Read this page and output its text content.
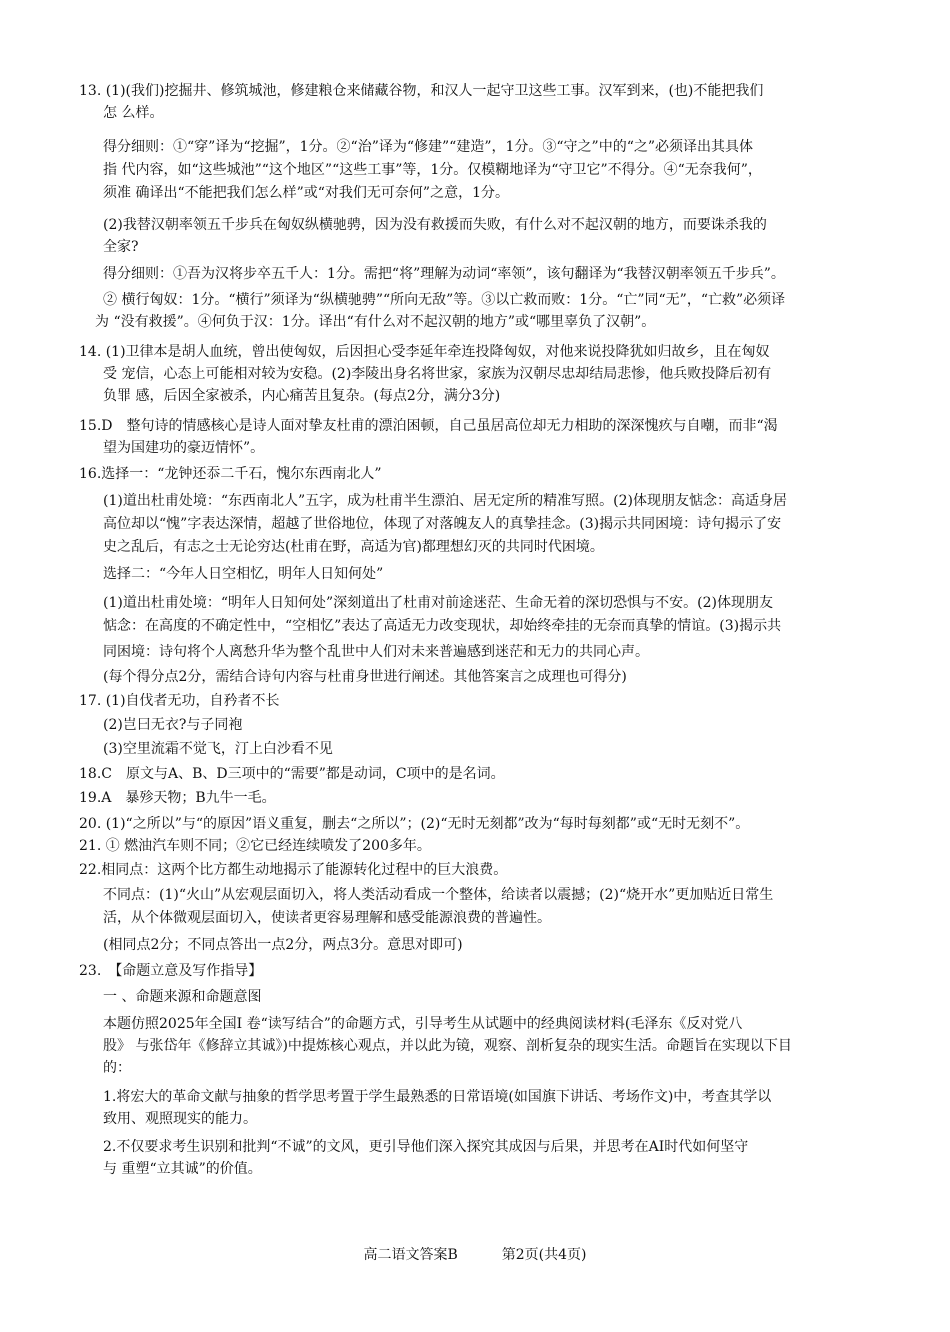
13. (1)(我们)挖掘井、修筑城池，修建粮仓来储藏谷物，和汉人一起守卫这些工事。汉军到来，(也)不能把我们
怎 么样。
得分细则：①“穿”译为“挖掘”，1分。②“治”译为“修建”“建造”，1分。③“守之”中的“之”必须译出其具体
指 代内容，如“这些城池”“这个地区”“这些工事”等，1分。仅模糊地译为“守卫它”不得分。④“无奈我何”，
须准 确译出“不能把我们怎么样”或“对我们无可奈何”之意，1分。
(2)我替汉朝率领五千步兵在匈奴纵横驰骋，因为没有救援而失败，有什么对不起汉朝的地方，而要诛杀我的
全家?
得分细则：①吾为汉将步卒五千人：1分。需把“将”理解为动词“率领”，该句翻译为“我替汉朝率领五千步兵”。
② 横行匈奴：1分。“横行”须译为“纵横驰骋”“所向无敌”等。③以亡救而败：1分。“亡”同“无”，“亡救”必须译
为 “没有救援”。④何负于汉：1分。译出“有什么对不起汉朝的地方”或“哪里辜负了汉朝”。
14. (1)卫律本是胡人血统，曾出使匈奴，后因担心受李延年牵连投降匈奴，对他来说投降犹如归故乡，且在匈奴
受 宠信，心态上可能相对较为安稳。(2)李陵出身名将世家，家族为汉朝尽忠却结局悲惨，他兵败投降后初有
负罪 感，后因全家被杀，内心痛苦且复杂。(每点2分，满分3分)
15.D　整句诗的情感核心是诗人面对挚友杜甫的漂泊困顿，自己虽居高位却无力相助的深深愧疚与自嘲，而非“渴
望为国建功的豪迈情怀”。
16.选择一：“龙钟还忝二千石，愧尔东西南北人”
(1)道出杜甫处境：“东西南北人”五字，成为杜甫半生漂泊、居无定所的精准写照。(2)体现朋友惦念：高适身居
高位却以“愧”字表达深情，超越了世俗地位，体现了对落魄友人的真挚挂念。(3)揭示共同困境：诗句揭示了安
史之乱后，有志之士无论穷达(杜甫在野，高适为官)都理想幻灭的共同时代困境。
选择二：“今年人日空相忆，明年人日知何处”
(1)道出杜甫处境：“明年人日知何处”深刻道出了杜甫对前途迷茫、生命无着的深切恐惧与不安。(2)体现朋友
惦念：在高度的不确定性中，“空相忆”表达了高适无力改变现状，却始终牵挂的无奈而真挚的情谊。(3)揭示共
同困境：诗句将个人离愁升华为整个乱世中人们对未来普遍感到迷茫和无力的共同心声。
(每个得分点2分，需结合诗句内容与杜甫身世进行阐述。其他答案言之成理也可得分)
17. (1)自伐者无功，自矜者不长
(2)岂曰无衣?与子同袍
(3)空里流霜不觉飞，汀上白沙看不见
18.C　原文与A、B、D三项中的“需要”都是动词，C项中的是名词。
19.A　暴殄天物；B九牛一毛。
20. (1)“之所以”与“的原因”语义重复，删去“之所以”；(2)“无时无刻都”改为“每时每刻都”或“无时无刻不”。
21. ① 燃油汽车则不同；②它已经连续喷发了200多年。
22.相同点：这两个比方都生动地揭示了能源转化过程中的巨大浪费。
不同点：(1)“火山”从宏观层面切入，将人类活动看成一个整体，给读者以震撼；(2)“烧开水”更加贴近日常生
活，从个体微观层面切入，使读者更容易理解和感受能源浪费的普遍性。
(相同点2分；不同点答出一点2分，两点3分。意思对即可)
23.　【命题立意及写作指导】
一 、命题来源和命题意图
本题仿照2025年全国I 卷“读写结合”的命题方式，引导考生从试题中的经典阅读材料(毛泽东《反对党八
股》 与张岱年《修辞立其诚》)中提炼核心观点，并以此为镜，观察、剖析复杂的现实生活。命题旨在实现以下目
的：
1.将宏大的革命文献与抽象的哲学思考置于学生最熟悉的日常语境(如国旗下讲话、考场作文)中，考查其学以
致用、观照现实的能力。
2.不仅要求考生识别和批判“不诚”的文风，更引导他们深入探究其成因与后果，并思考在AI时代如何坚守
与 重塑“立其诚”的价值。
高二语文答案B	第2页(共4页)
